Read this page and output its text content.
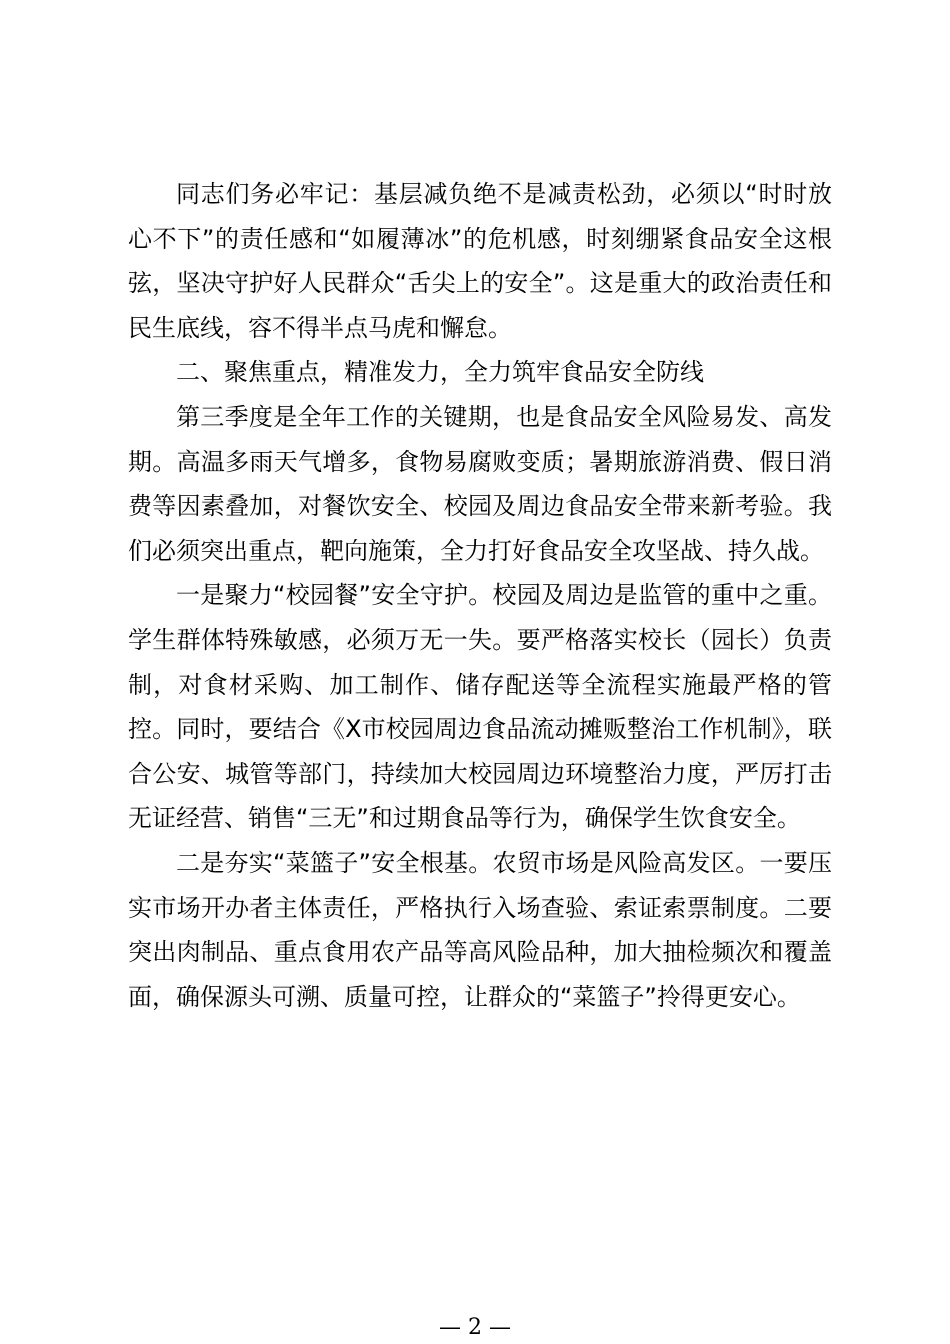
同志们务必牢记：基层减负绝不是减责松劲，必须以“时时放心不下”的责任感和“如履薄冰”的危机感，时刻绷紧食品安全这根弦，坚决守护好人民群众“舌尖上的安全”。这是重大的政治责任和民生底线，容不得半点马虎和懈怠。

二、聚焦重点，精准发力，全力筑牢食品安全防线

第三季度是全年工作的关键期，也是食品安全风险易发、高发期。高温多雨天气增多，食物易腐败变质；暑期旅游消费、假日消费等因素叠加，对餐饮安全、校园及周边食品安全带来新考验。我们必须突出重点，靶向施策，全力打好食品安全攻坚战、持久战。

一是聚力“校园餐”安全守护。校园及周边是监管的重中之重。学生群体特殊敏感，必须万无一失。要严格落实校长（园长）负责制，对食材采购、加工制作、储存配送等全流程实施最严格的管控。同时，要结合《X市校园周边食品流动摊贩整治工作机制》，联合公安、城管等部门，持续加大校园周边环境整治力度，严厉打击无证经营、销售“三无”和过期食品等行为，确保学生饮食安全。

二是夯实“菜篮子”安全根基。农贸市场是风险高发区。一要压实市场开办者主体责任，严格执行入场查验、索证索票制度。二要突出肉制品、重点食用农产品等高风险品种，加大抽检频次和覆盖面，确保源头可溯、质量可控，让群众的“菜篮子”拎得更安心。

— 2 —
